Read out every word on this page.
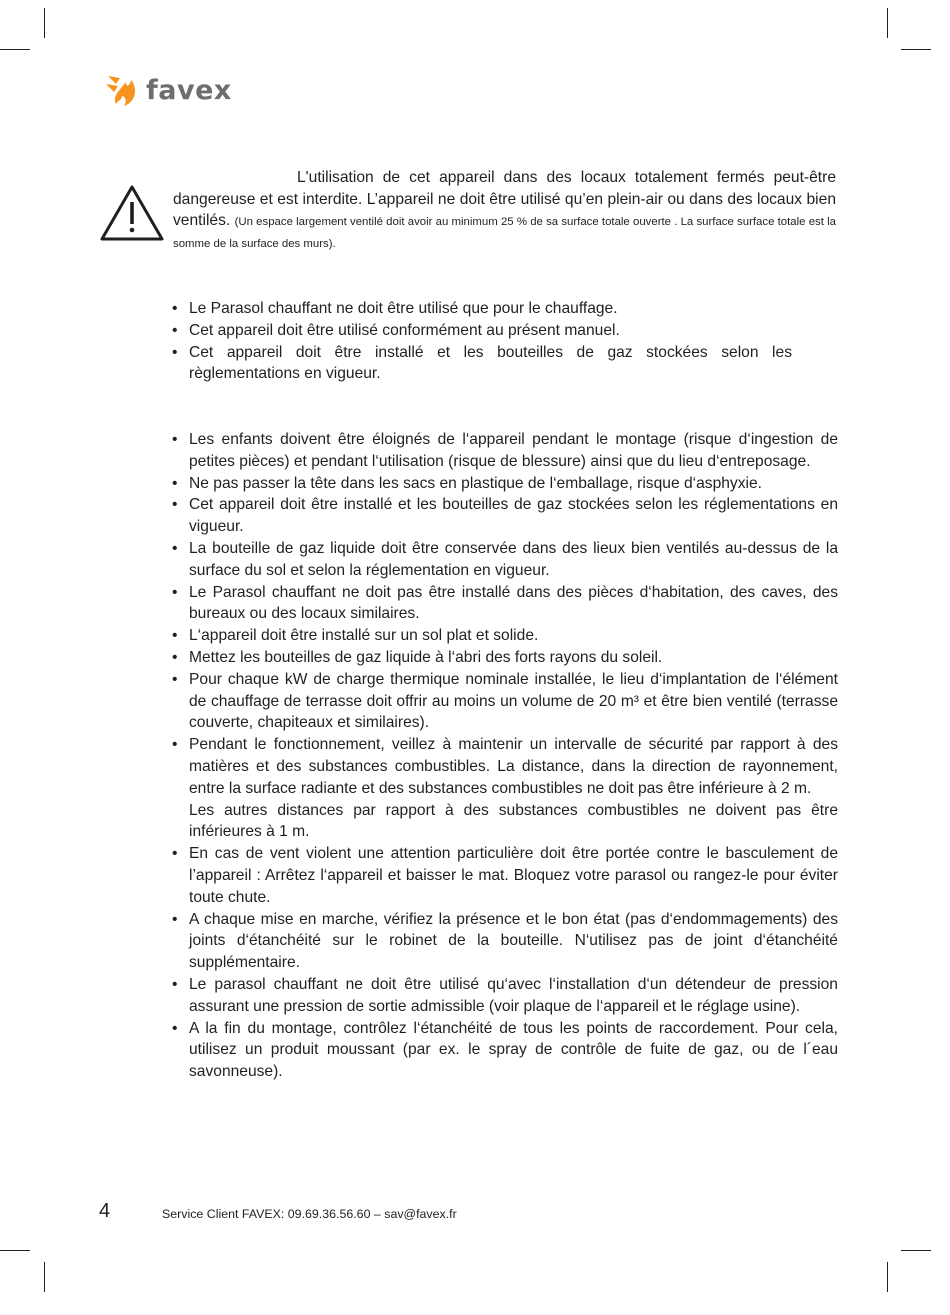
favex
L'utilisation de cet appareil dans des locaux totalement fermés peut-être dangereuse et est interdite. L’appareil ne doit être utilisé qu’en plein-air ou dans des locaux bien ventilés. (Un espace largement ventilé doit avoir au minimum 25 % de sa surface totale ouverte . La surface surface totale est la somme de la surface des murs).
• Le Parasol chauffant ne doit être utilisé que pour le chauffage.
• Cet appareil doit être utilisé conformément au présent manuel.
• Cet appareil doit être installé et les bouteilles de gaz stockées selon les règlementations en vigueur.
• Les enfants doivent être éloignés de l‘appareil pendant le montage (risque d‘ingestion de petites pièces) et pendant l‘utilisation (risque de blessure) ainsi que du lieu d‘entreposage.
• Ne pas passer la tête dans les sacs en plastique de l‘emballage, risque d‘asphyxie.
• Cet appareil doit être installé et les bouteilles de gaz stockées selon les réglementations en vigueur.
• La bouteille de gaz liquide doit être conservée dans des lieux bien ventilés au-dessus de la surface du sol et selon la réglementation en vigueur.
• Le Parasol chauffant ne doit pas être installé dans des pièces d‘habitation, des caves, des bureaux ou des locaux similaires.
• L‘appareil doit être installé sur un sol plat et solide.
• Mettez les bouteilles de gaz liquide à l‘abri des forts rayons du soleil.
• Pour chaque kW de charge thermique nominale installée, le lieu d‘implantation de l‘élément de chauffage de terrasse doit offrir au moins un volume de 20 m³ et être bien ventilé (terrasse couverte, chapiteaux et similaires).
• Pendant le fonctionnement, veillez à maintenir un intervalle de sécurité par rapport à des matières et des substances combustibles. La distance, dans la direction de rayonnement, entre la surface radiante et des substances combustibles ne doit pas être inférieure à 2 m.
Les autres distances par rapport à des substances combustibles ne doivent pas être inférieures à 1 m.
• En cas de vent violent une attention particulière doit être portée contre le basculement de l’appareil : Arrêtez l‘appareil et baisser le mat. Bloquez votre parasol ou rangez-le pour éviter toute chute.
• A chaque mise en marche, vérifiez la présence et le bon état (pas d‘endommagements) des joints d‘étanchéité sur le robinet de la bouteille. N‘utilisez pas de joint d‘étanchéité supplémentaire.
• Le parasol chauffant ne doit être utilisé qu‘avec l‘installation d‘un détendeur de pression assurant une pression de sortie admissible (voir plaque de l‘appareil et le réglage usine).
• A la fin du montage, contrôlez l‘étanchéité de tous les points de raccordement. Pour cela, utilisez un produit moussant (par ex. le spray de contrôle de fuite de gaz, ou de l´eau savonneuse).
4	Service Client FAVEX: 09.69.36.56.60 – sav@favex.fr
